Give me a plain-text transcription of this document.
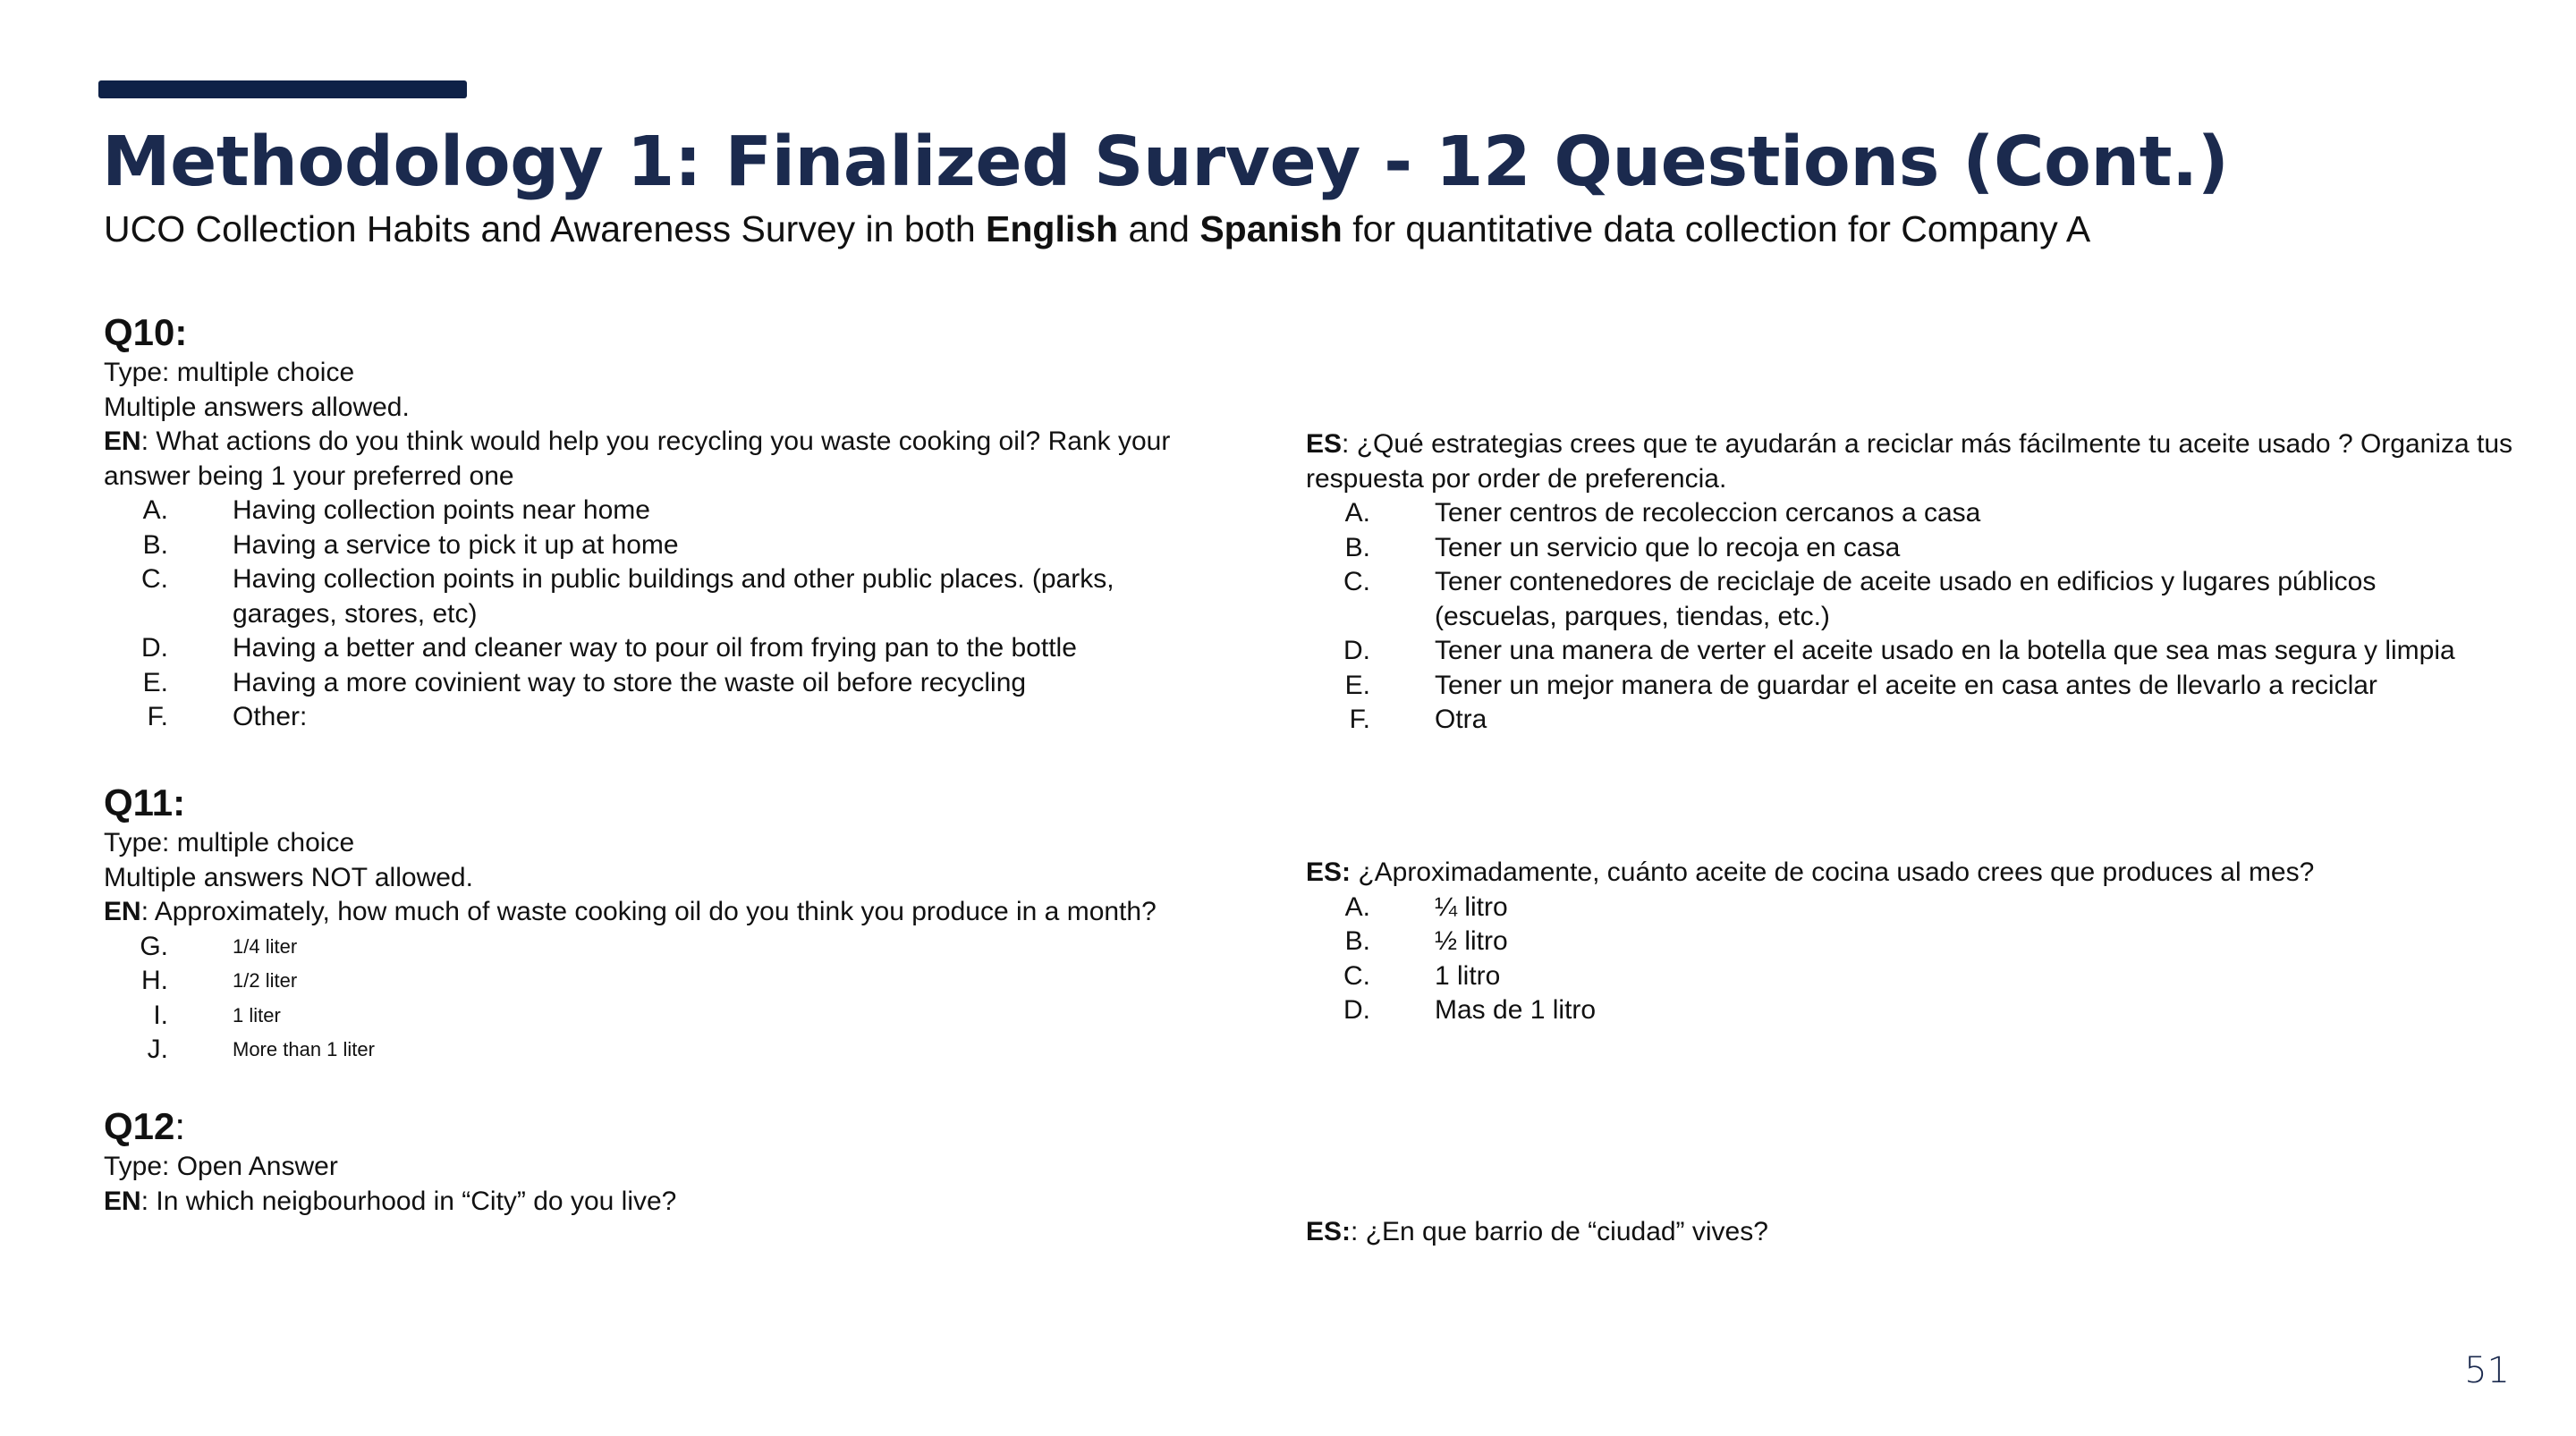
Methodology 1: Finalized Survey - 12 Questions (Cont.)

UCO Collection Habits and Awareness Survey in both English and Spanish for quantitative data collection for Company A

Q10:
Type: multiple choice
Multiple answers allowed.
EN: What actions do you think would help you recycling you waste cooking oil? Rank your answer being 1 your preferred one
A. Having collection points near home
B. Having a service to pick it up at home
C. Having collection points in public buildings and other public places. (parks, garages, stores, etc)
D. Having a better and cleaner way to pour oil from frying pan to the bottle
E. Having a more covinient way to store the waste oil before recycling
F. Other:
ES: ¿Qué estrategias crees que te ayudarán a reciclar más fácilmente tu aceite usado ? Organiza tus respuesta por order de preferencia.
A. Tener centros de recoleccion cercanos a casa
B. Tener un servicio que lo recoja en casa
C. Tener contenedores de reciclaje de aceite usado en edificios y lugares públicos (escuelas, parques, tiendas, etc.)
D. Tener una manera de verter el aceite usado en la botella que sea mas segura y limpia
E. Tener un mejor manera de guardar el aceite en casa antes de llevarlo a reciclar
F. Otra
Q11:
Type: multiple choice
Multiple answers NOT allowed.
EN: Approximately, how much of waste cooking oil do you think you produce in a month?
G.	1/4 liter
H.	1/2 liter
I.	1 liter
J.	More than 1 liter
ES: ¿Aproximadamente, cuánto aceite de cocina usado crees que produces al mes?
A. ¼ litro
B. ½ litro
C. 1 litro
D. Mas de 1 litro
Q12:
Type: Open Answer
EN: In which neigbourhood in “City” do you live?
ES:: ¿En que barrio de “ciudad” vives?
51
